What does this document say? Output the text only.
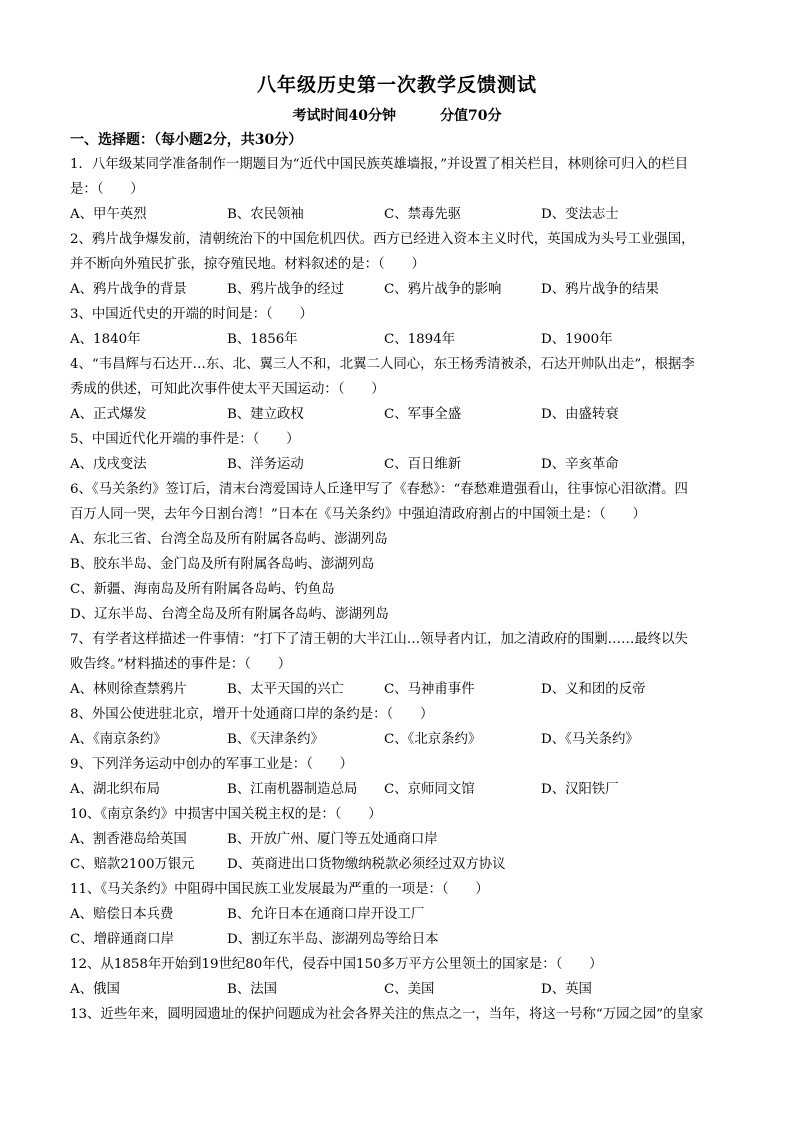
八年级历史第一次教学反馈测试
考试时间40分钟	分值70分
一、选择题：（每小题2分，共30分）
1．八年级某同学准备制作一期题目为“近代中国民族英雄墙报，”并设置了相关栏目，林则徐可归入的栏目
是：（　　）
A、甲午英烈	B、农民领袖	C、禁毒先驱	D、变法志士
2、鸦片战争爆发前，清朝统治下的中国危机四伏。西方已经进入资本主义时代，英国成为头号工业强国，
并不断向外殖民扩张，掠夺殖民地。材料叙述的是：（　　）
A、鸦片战争的背景	B、鸦片战争的经过	C、鸦片战争的影响	D、鸦片战争的结果
3、中国近代史的开端的时间是：（　　）
A、1840年	B、1856年	C、1894年	D、1900年
4、“韦昌辉与石达开…东、北、翼三人不和，北翼二人同心，东王杨秀清被杀，石达开帅队出走”，根据李
秀成的供述，可知此次事件使太平天国运动：（　　）
A、正式爆发	B、建立政权	C、军事全盛	D、由盛转衰
5、中国近代化开端的事件是：（　　）
A、戊戌变法	B、洋务运动	C、百日维新	D、辛亥革命
6、《马关条约》签订后，清末台湾爱国诗人丘逢甲写了《春愁》：“春愁难遣强看山，往事惊心泪欲潸。四
百万人同一哭，去年今日割台湾！”日本在《马关条约》中强迫清政府割占的中国领土是：（　　）
A、东北三省、台湾全岛及所有附属各岛屿、澎湖列岛
B、胶东半岛、金门岛及所有附属各岛屿、澎湖列岛
C、新疆、海南岛及所有附属各岛屿、钓鱼岛
D、辽东半岛、台湾全岛及所有附属各岛屿、澎湖列岛
7、有学者这样描述一件事情：“打下了清王朝的大半江山…领导者内讧，加之清政府的围剿……最终以失
败告终。”材料描述的事件是：（　　）
A、林则徐查禁鸦片	B、太平天国的兴亡	C、马神甫事件	D、义和团的反帝
8、外国公使进驻北京，增开十处通商口岸的条约是：（　　）
A、《南京条约》	B、《天津条约》	C、《北京条约》	D、《马关条约》
9、下列洋务运动中创办的军事工业是：（　　）
A、湖北织布局	B、江南机器制造总局	C、京师同文馆	D、汉阳铁厂
10、《南京条约》中损害中国关税主权的是：（　　）
A、割香港岛给英国	B、开放广州、厦门等五处通商口岸
C、赔款2100万银元	D、英商进出口货物缴纳税款必须经过双方协议
11、《马关条约》中阻碍中国民族工业发展最为严重的一项是：（　　）
A、赔偿日本兵费	B、允许日本在通商口岸开设工厂
C、增辟通商口岸	D、割辽东半岛、澎湖列岛等给日本
12、从1858年开始到19世纪80年代，侵吞中国150多万平方公里领土的国家是：（　　）
A、俄国	B、法国	C、美国	D、英国
13、近些年来，圆明园遗址的保护问题成为社会各界关注的焦点之一，当年，将这一号称“万园之园”的皇家
